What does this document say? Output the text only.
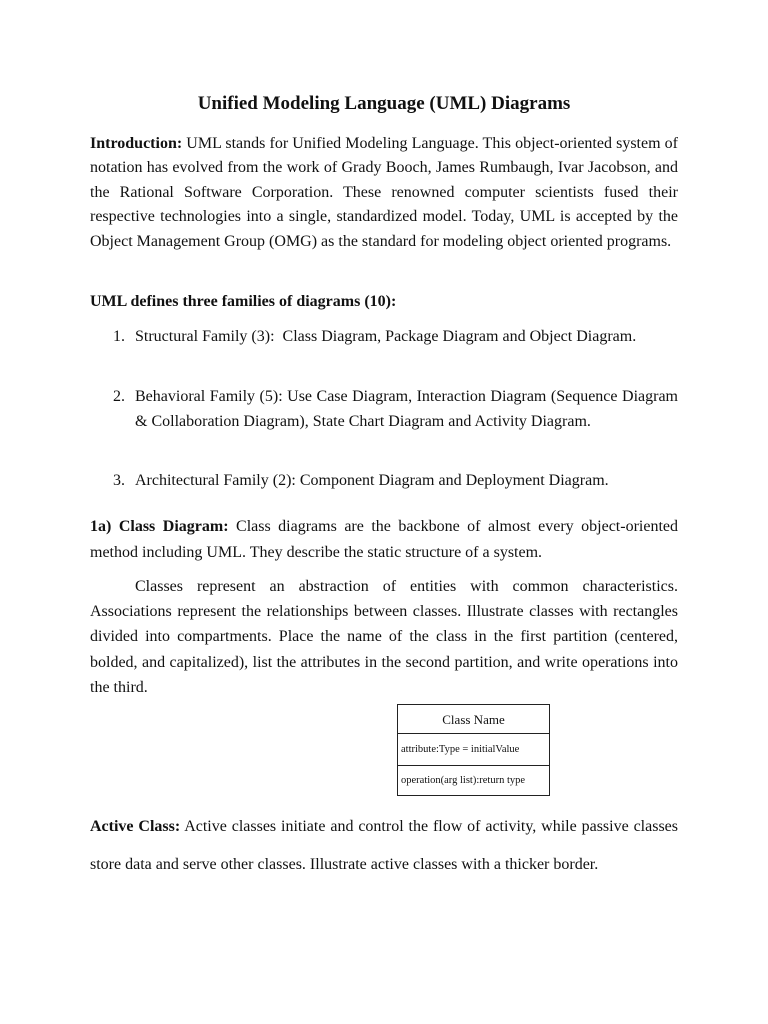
Unified Modeling Language (UML) Diagrams

Introduction: UML stands for Unified Modeling Language. This object-oriented system of notation has evolved from the work of Grady Booch, James Rumbaugh, Ivar Jacobson, and the Rational Software Corporation. These renowned computer scientists fused their respective technologies into a single, standardized model. Today, UML is accepted by the Object Management Group (OMG) as the standard for modeling object oriented programs.

UML defines three families of diagrams (10):

1. Structural Family (3):  Class Diagram, Package Diagram and Object Diagram.
2. Behavioral Family (5): Use Case Diagram, Interaction Diagram (Sequence Diagram & Collaboration Diagram), State Chart Diagram and Activity Diagram.
3. Architectural Family (2): Component Diagram and Deployment Diagram.

1a) Class Diagram: Class diagrams are the backbone of almost every object-oriented method including UML. They describe the static structure of a system.

Classes represent an abstraction of entities with common characteristics. Associations represent the relationships between classes. Illustrate classes with rectangles divided into compartments. Place the name of the class in the first partition (centered, bolded, and capitalized), list the attributes in the second partition, and write operations into the third.

Class Name
attribute:Type = initialValue
operation(arg list):return type

Active Class: Active classes initiate and control the flow of activity, while passive classes store data and serve other classes. Illustrate active classes with a thicker border.
